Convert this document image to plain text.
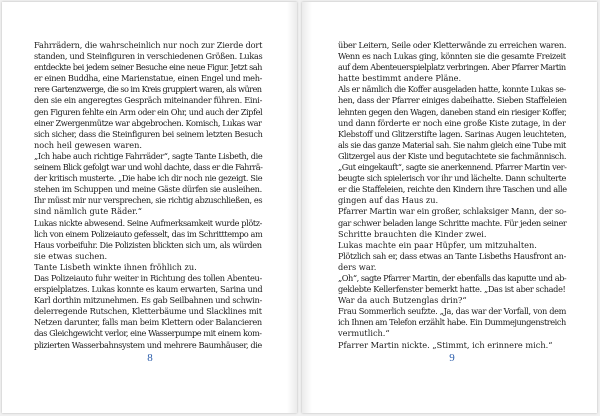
Fahrrädern, die wahrscheinlich nur noch zur Zierde dort
standen, und Steinfiguren in verschiedenen Größen. Lukas
entdeckte bei jedem seiner Besuche eine neue Figur. Jetzt sah
er einen Buddha, eine Marienstatue, einen Engel und meh-
rere Gartenzwerge, die so im Kreis gruppiert waren, als würen
den sie ein angeregtes Gespräch miteinander führen. Eini-
gen Figuren fehlte ein Arm oder ein Ohr, und auch der Zipfel
einer Zwergenmütze war abgebrochen. Komisch, Lukas war
sich sicher, dass die Steinfiguren bei seinem letzten Besuch
noch heil gewesen waren.
„Ich habe auch richtige Fahrräder“, sagte Tante Lisbeth, die
seinem Blick gefolgt war und wohl dachte, dass er die Fahrrä-
der kritisch musterte. „Die habe ich dir noch nie gezeigt. Sie
stehen im Schuppen und meine Gäste dürfen sie ausleihen.
Ihr müsst mir nur versprechen, sie richtig abzuschließen, es
sind nämlich gute Räder.“
Lukas nickte abwesend. Seine Aufmerksamkeit wurde plötz-
lich von einem Polizeiauto gefesselt, das im Schritttempo am
Haus vorbeifuhr. Die Polizisten blickten sich um, als würden
sie etwas suchen.
Tante Lisbeth winkte ihnen fröhlich zu.
Das Polizeiauto fuhr weiter in Richtung des tollen Abenteu-
erspielplatzes. Lukas konnte es kaum erwarten, Sarina und
Karl dorthin mitzunehmen. Es gab Seilbahnen und schwin-
delerregende Rutschen, Kletterbäume und Slacklines mit
Netzen darunter, falls man beim Klettern oder Balancieren
das Gleichgewicht verlor, eine Wasserpumpe mit einem kom-
plizierten Wasserbahnsystem und mehrere Baumhäuser, die
8
über Leitern, Seile oder Kletterwände zu erreichen waren.
Wenn es nach Lukas ging, könnten sie die gesamte Freizeit
auf dem Abenteuerspielplatz verbringen. Aber Pfarrer Martin
hatte bestimmt andere Pläne.
Als er nämlich die Koffer ausgeladen hatte, konnte Lukas se-
hen, dass der Pfarrer einiges dabeihatte. Sieben Staffeleien
lehnten gegen den Wagen, daneben stand ein riesiger Koffer,
und dann förderte er noch eine große Kiste zutage, in der
Klebstoff und Glitzerstifte lagen. Sarinas Augen leuchteten,
als sie das ganze Material sah. Sie nahm gleich eine Tube mit
Glitzergel aus der Kiste und begutachtete sie fachmännisch.
„Gut eingekauft“, sagte sie anerkennend. Pfarrer Martin ver-
beugte sich spielerisch vor ihr und lächelte. Dann schulterte
er die Staffeleien, reichte den Kindern ihre Taschen und alle
gingen auf das Haus zu.
Pfarrer Martin war ein großer, schlaksiger Mann, der so-
gar schwer beladen lange Schritte machte. Für jeden seiner
Schritte brauchten die Kinder zwei.
Lukas machte ein paar Hüpfer, um mitzuhalten.
Plötzlich sah er, dass etwas an Tante Lisbeths Hausfront an-
ders war.
„Oh“, sagte Pfarrer Martin, der ebenfalls das kaputte und ab-
geklebte Kellerfenster bemerkt hatte. „Das ist aber schade!
War da auch Butzenglas drin?“
Frau Sommerlich seufzte. „Ja, das war der Vorfall, von dem
ich Ihnen am Telefon erzählt habe. Ein Dummejungenstreich
vermutlich.“
Pfarrer Martin nickte. „Stimmt, ich erinnere mich.“
9
